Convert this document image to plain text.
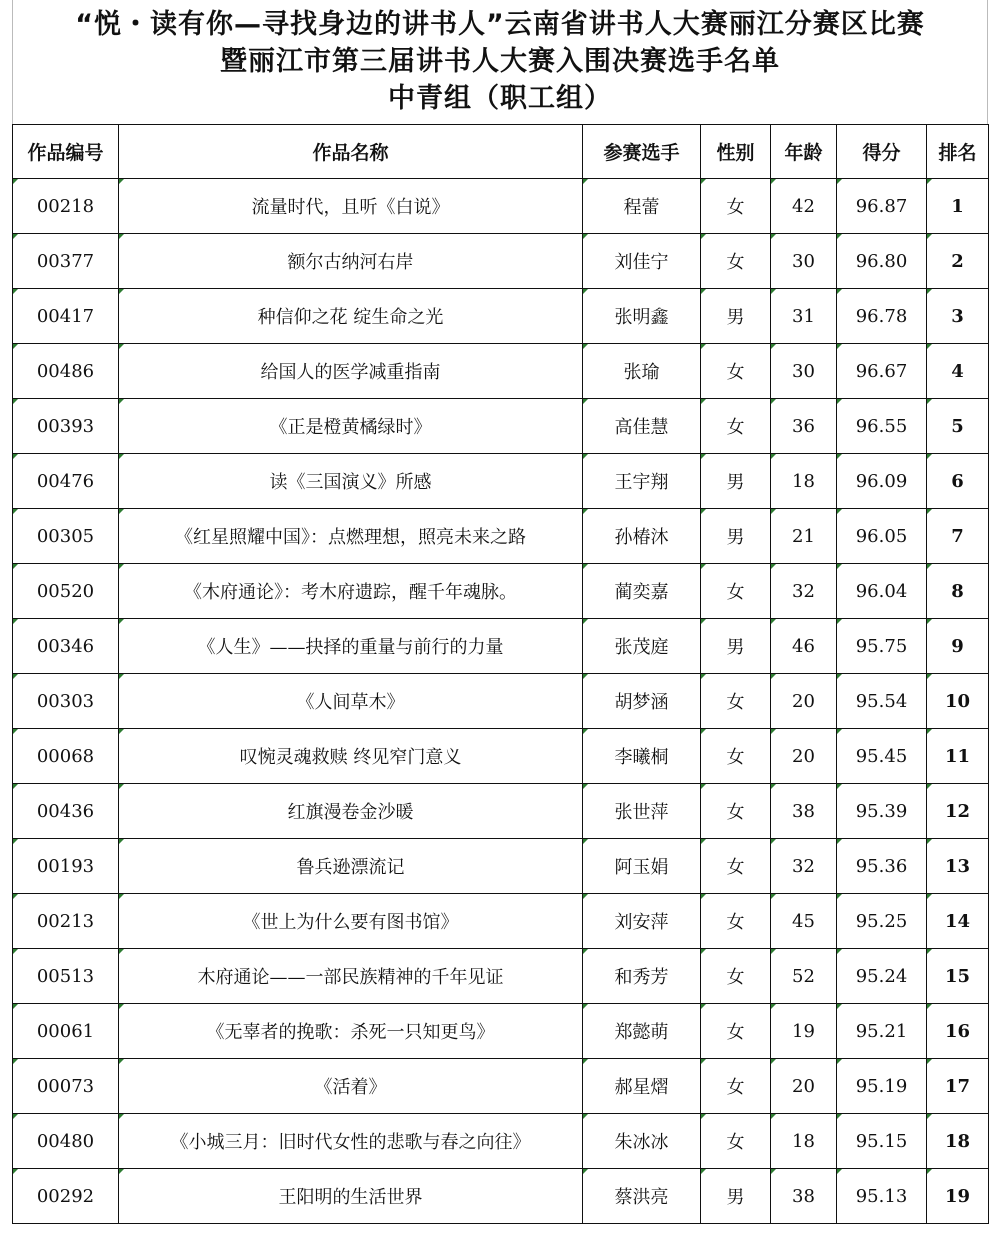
“悦・读有你—寻找身边的讲书人”云南省讲书人大赛丽江分赛区比赛
暨丽江市第三届讲书人大赛入围决赛选手名单
中青组（职工组）
作品编号	作品名称	参赛选手	性别	年龄	得分	排名

00218	流量时代，且听《白说》	程蕾	女	42	96.87	1

00377	额尔古纳河右岸	刘佳宁	女	30	96.80	2

00417	种信仰之花 绽生命之光	张明鑫	男	31	96.78	3

00486	给国人的医学减重指南	张瑜	女	30	96.67	4

00393	《正是橙黄橘绿时》	高佳慧	女	36	96.55	5

00476	读《三国演义》所感	王宇翔	男	18	96.09	6

00305	《红星照耀中国》：点燃理想，照亮未来之路	孙椿沐	男	21	96.05	7

00520	《木府通论》：考木府遗踪，醒千年魂脉。	蔺奕嘉	女	32	96.04	8

00346	《人生》——抉择的重量与前行的力量	张茂庭	男	46	95.75	9

00303	《人间草木》	胡梦涵	女	20	95.54	10

00068	叹惋灵魂救赎 终见窄门意义	李曦桐	女	20	95.45	11

00436	红旗漫卷金沙暖	张世萍	女	38	95.39	12

00193	鲁兵逊漂流记	阿玉娟	女	32	95.36	13

00213	《世上为什么要有图书馆》	刘安萍	女	45	95.25	14

00513	木府通论——一部民族精神的千年见证	和秀芳	女	52	95.24	15

00061	《无辜者的挽歌：杀死一只知更鸟》	郑懿萌	女	19	95.21	16

00073	《活着》	郝星熠	女	20	95.19	17

00480	《小城三月：旧时代女性的悲歌与春之向往》	朱冰冰	女	18	95.15	18

00292	王阳明的生活世界	蔡洪亮	男	38	95.13	19
